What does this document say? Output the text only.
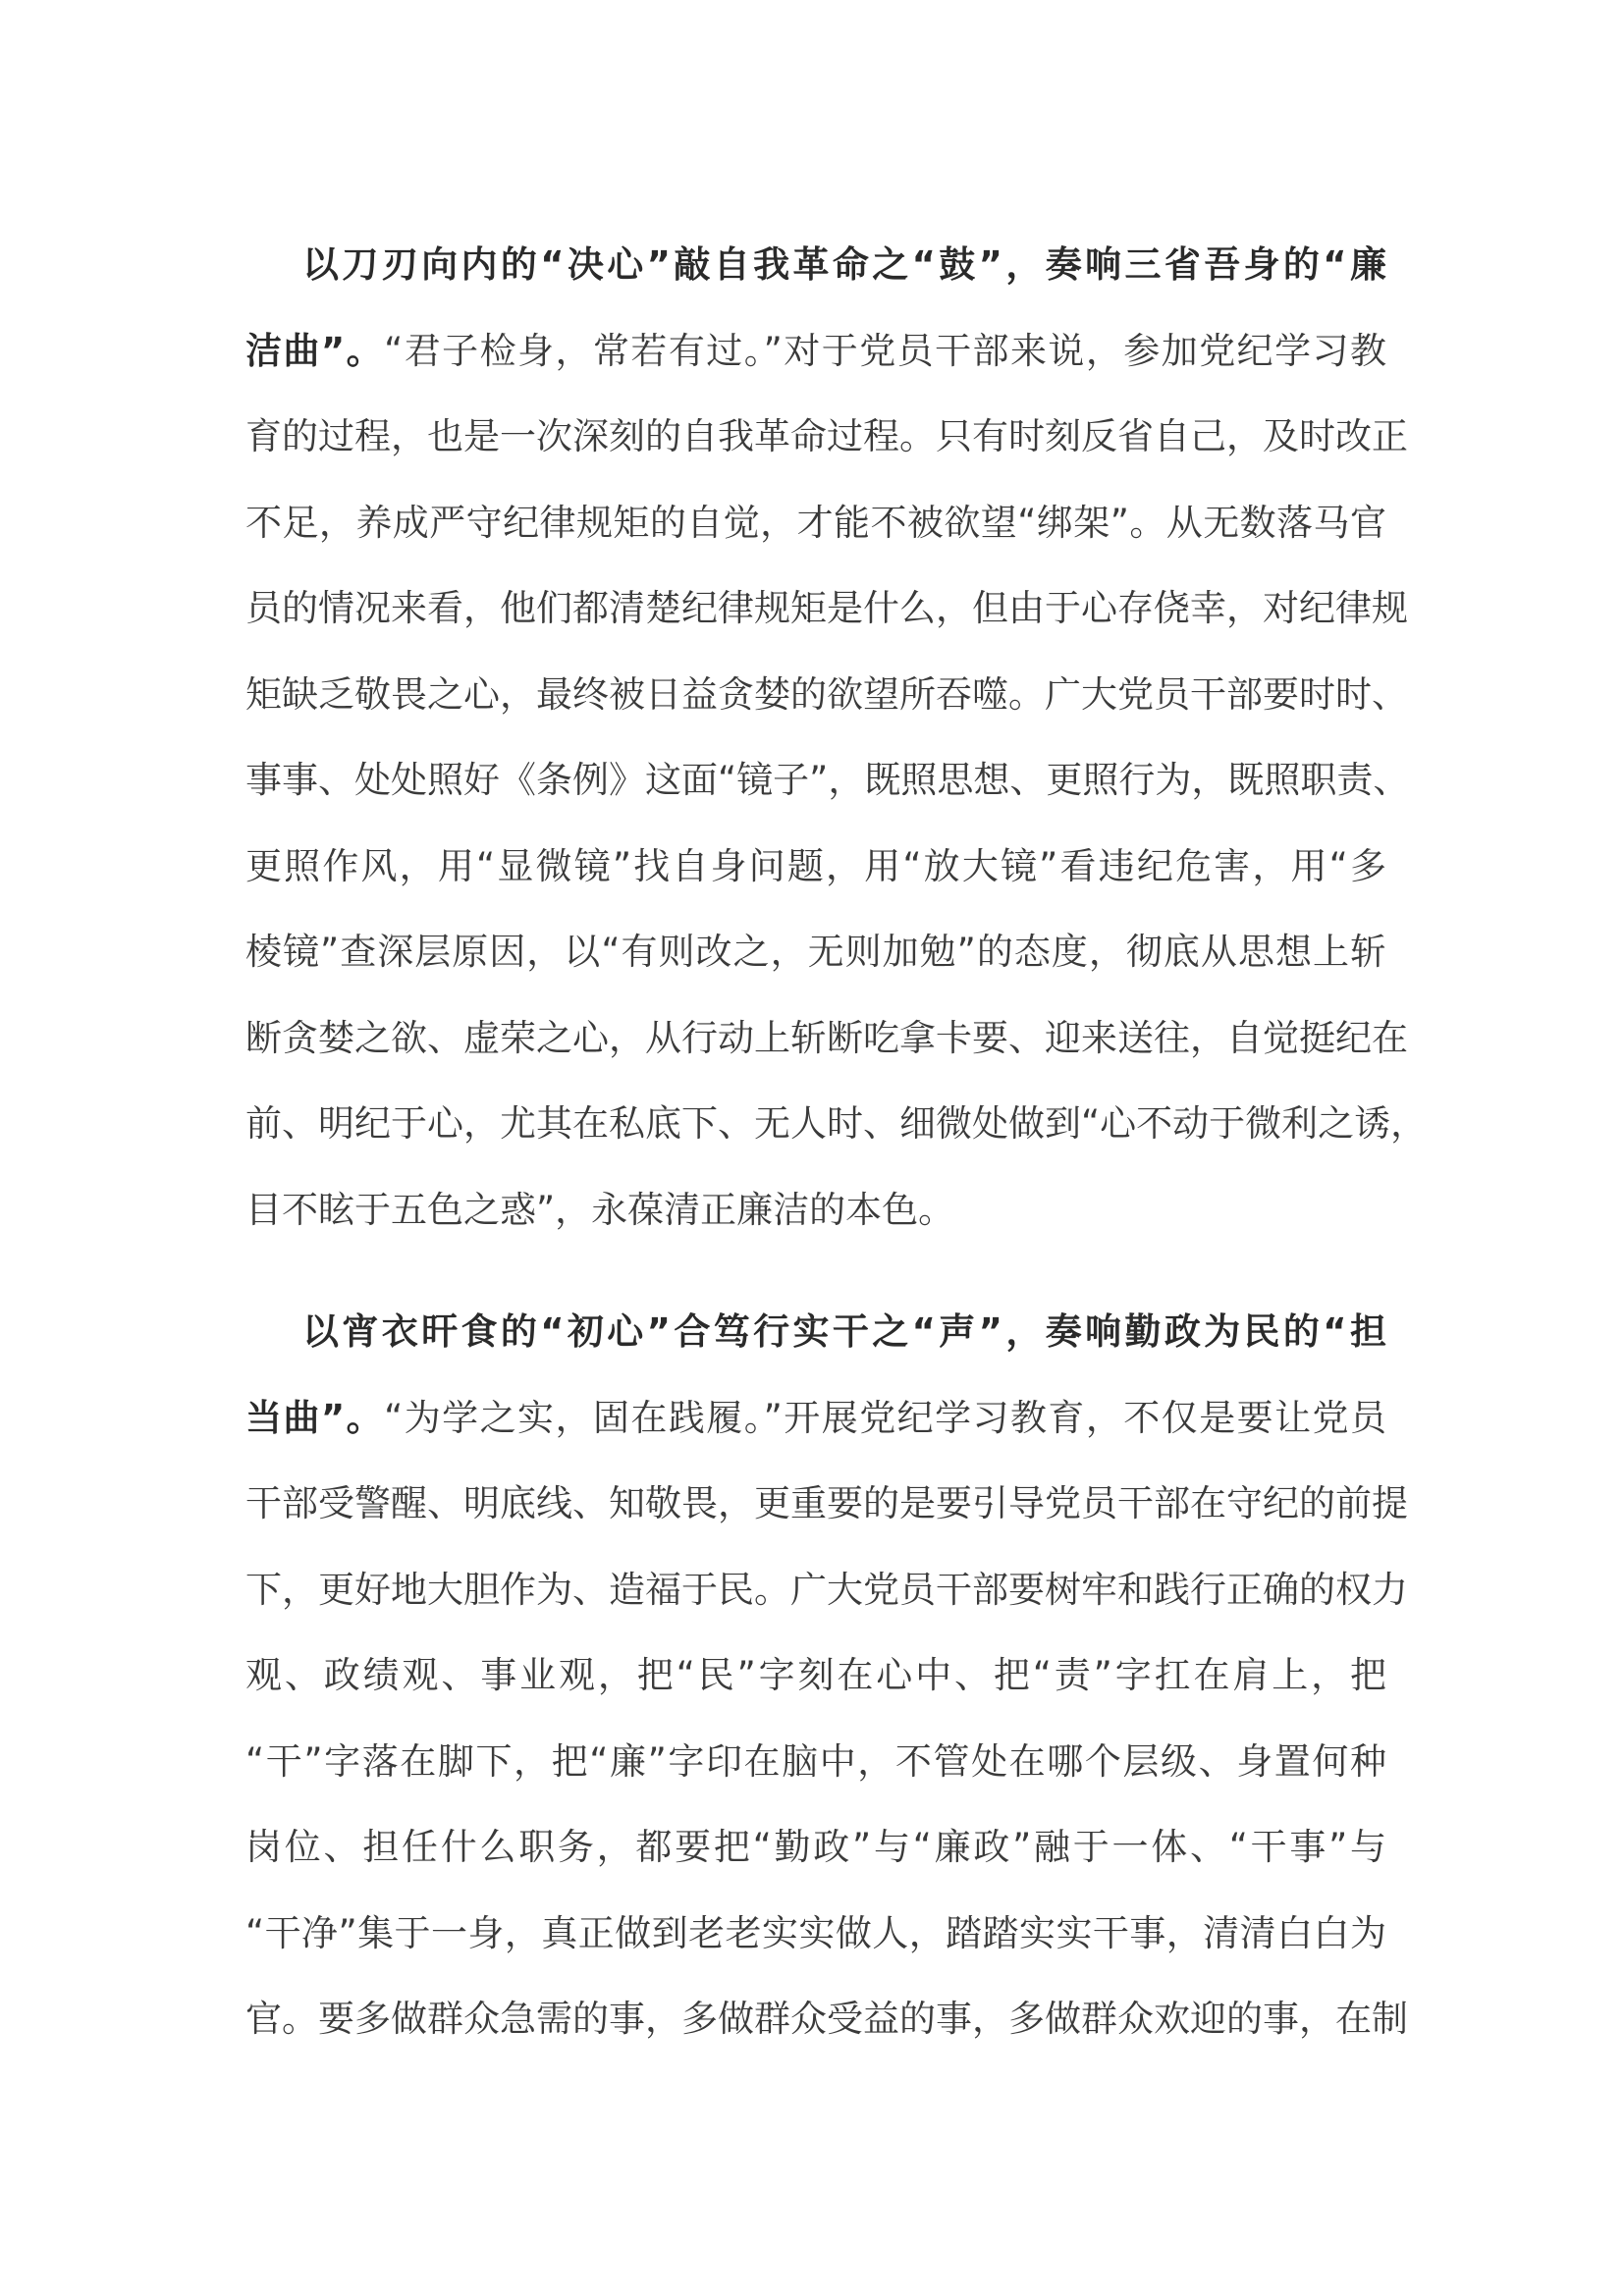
以刀刃向内的“决心”敲自我革命之“鼓”，奏响三省吾身的“廉
洁曲”。“君子检身，常若有过。”对于党员干部来说，参加党纪学习教
育的过程，也是一次深刻的自我革命过程。只有时刻反省自己，及时改正
不足，养成严守纪律规矩的自觉，才能不被欲望“绑架”。从无数落马官
员的情况来看，他们都清楚纪律规矩是什么，但由于心存侥幸，对纪律规
矩缺乏敬畏之心，最终被日益贪婪的欲望所吞噬。广大党员干部要时时、
事事、处处照好《条例》这面“镜子”，既照思想、更照行为，既照职责、
更照作风，用“显微镜”找自身问题，用“放大镜”看违纪危害，用“多
棱镜”查深层原因，以“有则改之，无则加勉”的态度，彻底从思想上斩
断贪婪之欲、虚荣之心，从行动上斩断吃拿卡要、迎来送往，自觉挺纪在
前、明纪于心，尤其在私底下、无人时、细微处做到“心不动于微利之诱，
目不眩于五色之惑”，永葆清正廉洁的本色。
以宵衣旰食的“初心”合笃行实干之“声”，奏响勤政为民的“担
当曲”。“为学之实，固在践履。”开展党纪学习教育，不仅是要让党员
干部受警醒、明底线、知敬畏，更重要的是要引导党员干部在守纪的前提
下，更好地大胆作为、造福于民。广大党员干部要树牢和践行正确的权力
观、政绩观、事业观，把“民”字刻在心中、把“责”字扛在肩上，把
“干”字落在脚下，把“廉”字印在脑中，不管处在哪个层级、身置何种
岗位、担任什么职务，都要把“勤政”与“廉政”融于一体、“干事”与
“干净”集于一身，真正做到老老实实做人，踏踏实实干事，清清白白为
官。要多做群众急需的事，多做群众受益的事，多做群众欢迎的事，在制
